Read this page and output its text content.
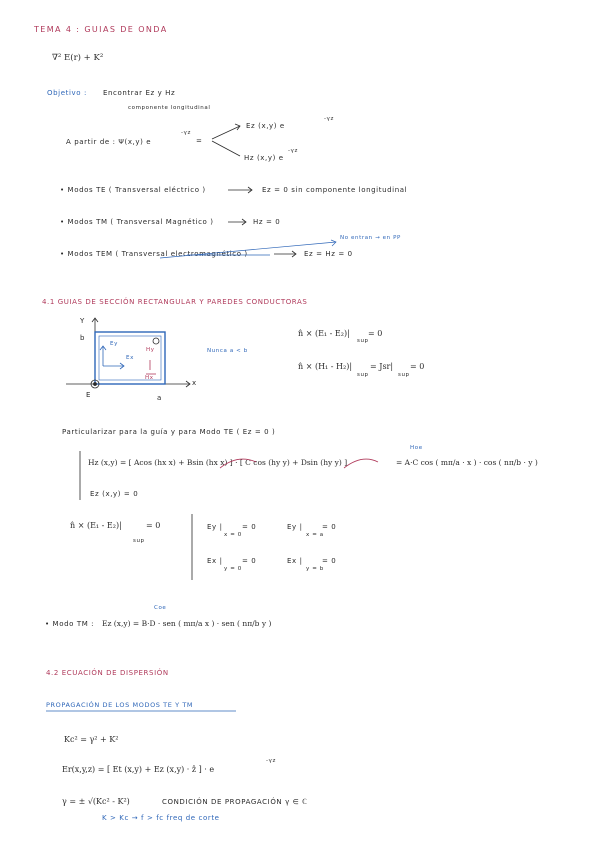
TEMA 4 : GUIAS DE ONDA
∇² E(r) + K²
Objetivo : Encontrar Ez y Hz
componente longitudinal
A partir de : Ψ(x,y) e
-γz
=
Ez (x,y) e
-γz
Hz (x,y) e
-γz
• Modos TE ( Transversal eléctrico )	Ez = 0 sin componente longitudinal
• Modos TM ( Transversal Magnético )	Hz = 0
• Modos TEM ( Transversal electromagnético )	Ez = Hz = 0
No entran → en PP
4.1 GUIAS DE SECCIÓN RECTANGULAR Y PAREDES CONDUCTORAS
Y
x
b
a
E
Ey
Ex
Hy
Hx
Nunca a < b
n̂ × (E₁ - E₂)|
sup
= 0
n̂ × (H₁ - H₂)|
sup
= Jsr|
sup
= 0
Particularizar para la guía y para Modo TE ( Ez = 0 )
Hz (x,y) = [ Acos (hx x) + Bsin (hx x) ] · [ C cos (hy y) + Dsin (hy y) ]	= A·C cos ( mπ/a · x ) · cos ( nπ/b · y )
Hoe
Ez (x,y) = 0
n̂ × (E₁ - E₂)|
sup
= 0	Ey |
x = 0
= 0	Ey |
x = a
= 0
Ex |
y = 0
= 0	Ex |
y = b
= 0
• Modo TM : Ez (x,y) = B·D · sen ( mπ/a x ) · sen ( nπ/b y )
Coe
4.2 ECUACIÓN DE DISPERSIÓN
PROPAGACIÓN DE LOS MODOS TE Y TM
Kc² = γ² + K²
Er(x,y,z) = [ Et (x,y) + Ez (x,y) · ẑ ] · e
-γz
γ = ± √(Kc² - K²)	CONDICIÓN DE PROPAGACIÓN γ ∈ ℂ
K > Kc → f > fc freq de corte
